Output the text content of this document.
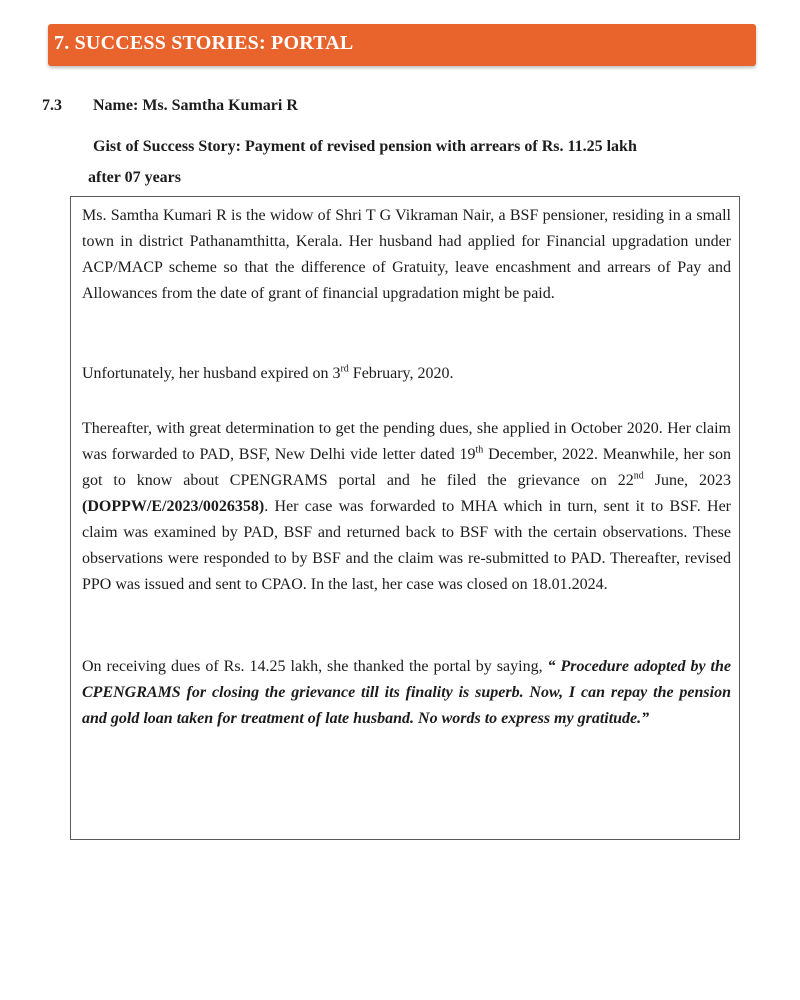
7. SUCCESS STORIES: PORTAL
7.3 Name: Ms. Samtha Kumari R
Gist of Success Story: Payment of revised pension with arrears of Rs. 11.25 lakh
after 07 years

Ms. Samtha Kumari R is the widow of Shri T G Vikraman Nair, a BSF pensioner, residing in a small town in district Pathanamthitta, Kerala. Her husband had applied for Financial upgradation under ACP/MACP scheme so that the difference of Gratuity, leave encashment and arrears of Pay and Allowances from the date of grant of financial upgradation might be paid.

Unfortunately, her husband expired on 3rd February, 2020.

Thereafter, with great determination to get the pending dues, she applied in October 2020. Her claim was forwarded to PAD, BSF, New Delhi vide letter dated 19th December, 2022. Meanwhile, her son got to know about CPENGRAMS portal and he filed the grievance on 22nd June, 2023 (DOPPW/E/2023/0026358). Her case was forwarded to MHA which in turn, sent it to BSF. Her claim was examined by PAD, BSF and returned back to BSF with the certain observations. These observations were responded to by BSF and the claim was re-submitted to PAD. Thereafter, revised PPO was issued and sent to CPAO. In the last, her case was closed on 18.01.2024.

On receiving dues of Rs. 14.25 lakh, she thanked the portal by saying, “ Procedure adopted by the CPENGRAMS for closing the grievance till its finality is superb. Now, I can repay the pension and gold loan taken for treatment of late husband. No words to express my gratitude.”
